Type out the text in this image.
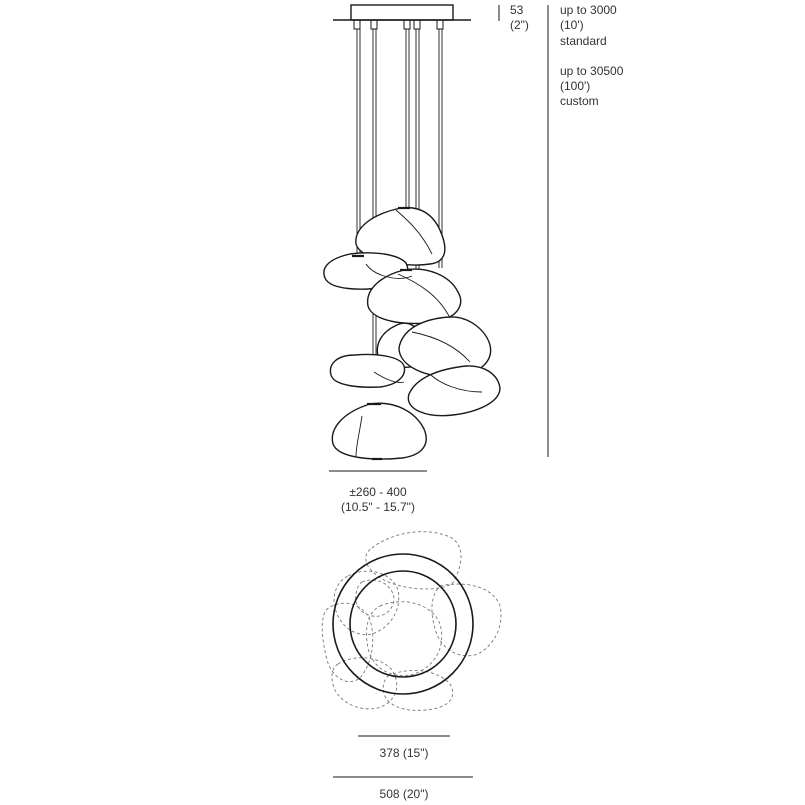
53
(2")
up to 3000
(10')
standard
up to 30500
(100')
custom
±260 - 400
(10.5" - 15.7")
378 (15")
508 (20")
